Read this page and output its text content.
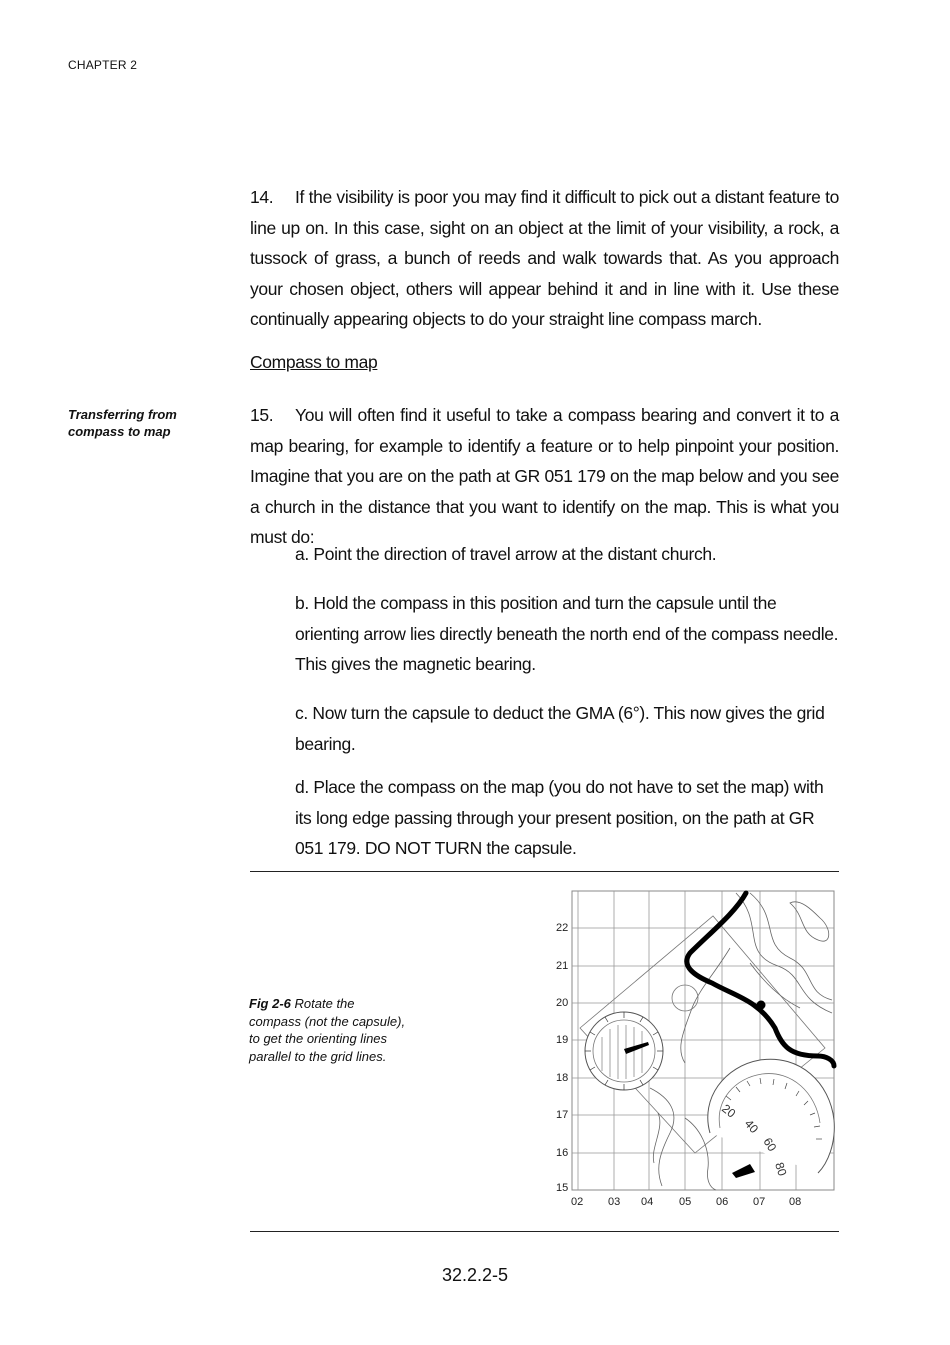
CHAPTER 2
14. If the visibility is poor you may find it difficult to pick out a distant feature to line up on. In this case, sight on an object at the limit of your visibility, a rock, a tussock of grass, a bunch of reeds and walk towards that. As you approach your chosen object, others will appear behind it and in line with it. Use these continually appearing objects to do your straight line compass march.
Compass to map
Transferring from
compass to map
15. You will often find it useful to take a compass bearing and convert it to a map bearing, for example to identify a feature or to help pinpoint your position. Imagine that you are on the path at GR 051 179 on the map below and you see a church in the distance that you want to identify on the map. This is what you must do:
a. Point the direction of travel arrow at the distant church.
b. Hold the compass in this position and turn the capsule until the orienting arrow lies directly beneath the north end of the compass needle. This gives the magnetic bearing.
c. Now turn the capsule to deduct the GMA (6°). This now gives the grid bearing.
d. Place the compass on the map (you do not have to set the map) with its long edge passing through your present position, on the path at GR 051 179. DO NOT TURN the capsule.
Fig 2-6 Rotate the compass (not the capsule), to get the orienting lines parallel to the grid lines.
20
40
60
80
22
21
20
19
18
17
16
15
02 03 04 05 06 07 08
32.2.2-5
